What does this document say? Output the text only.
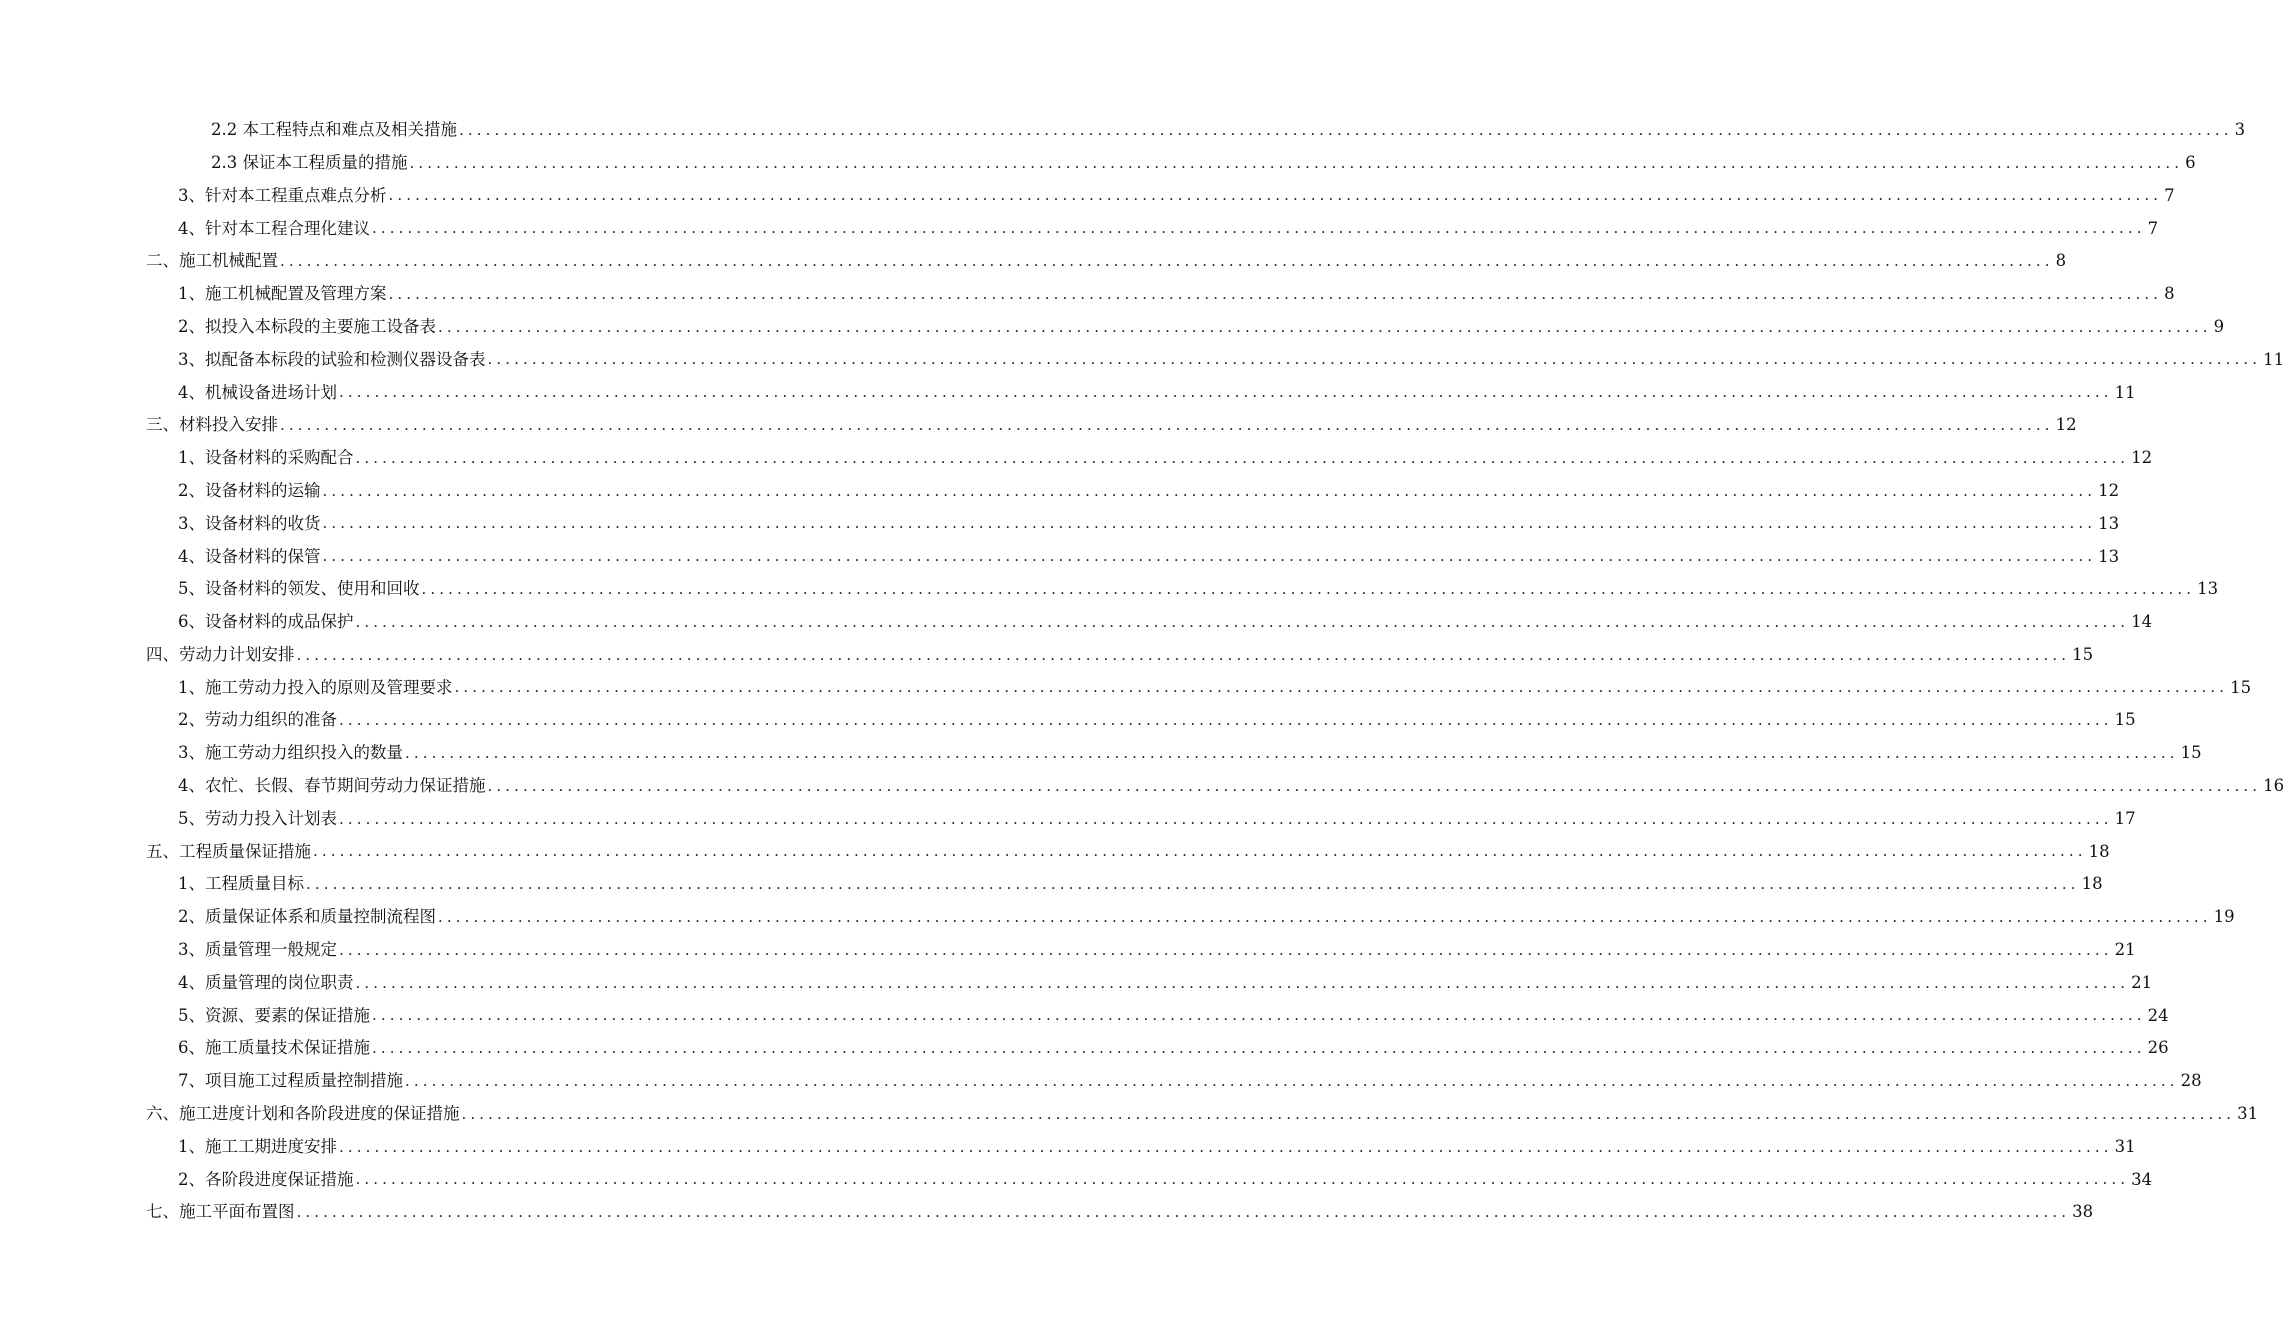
2.2 本工程特点和难点及相关措施 ........................................................................................................................................................................................................ 3
2.3 保证本工程质量的措施 ........................................................................................................................................................................................................ 6
3、针对本工程重点难点分析 ........................................................................................................................................................................................................ 7
4、针对本工程合理化建议 ........................................................................................................................................................................................................ 7
二、施工机械配置 ........................................................................................................................................................................................................ 8
1、施工机械配置及管理方案 ........................................................................................................................................................................................................ 8
2、拟投入本标段的主要施工设备表 ........................................................................................................................................................................................................ 9
3、拟配备本标段的试验和检测仪器设备表 ........................................................................................................................................................................................................ 11
4、机械设备进场计划 ........................................................................................................................................................................................................ 11
三、材料投入安排 ........................................................................................................................................................................................................ 12
1、设备材料的采购配合 ........................................................................................................................................................................................................ 12
2、设备材料的运输 ........................................................................................................................................................................................................ 12
3、设备材料的收货 ........................................................................................................................................................................................................ 13
4、设备材料的保管 ........................................................................................................................................................................................................ 13
5、设备材料的领发、使用和回收 ........................................................................................................................................................................................................ 13
6、设备材料的成品保护 ........................................................................................................................................................................................................ 14
四、劳动力计划安排 ........................................................................................................................................................................................................ 15
1、施工劳动力投入的原则及管理要求 ........................................................................................................................................................................................................ 15
2、劳动力组织的准备 ........................................................................................................................................................................................................ 15
3、施工劳动力组织投入的数量 ........................................................................................................................................................................................................ 15
4、农忙、长假、春节期间劳动力保证措施 ........................................................................................................................................................................................................ 16
5、劳动力投入计划表 ........................................................................................................................................................................................................ 17
五、工程质量保证措施 ........................................................................................................................................................................................................ 18
1、工程质量目标 ........................................................................................................................................................................................................ 18
2、质量保证体系和质量控制流程图 ........................................................................................................................................................................................................ 19
3、质量管理一般规定 ........................................................................................................................................................................................................ 21
4、质量管理的岗位职责 ........................................................................................................................................................................................................ 21
5、资源、要素的保证措施 ........................................................................................................................................................................................................ 24
6、施工质量技术保证措施 ........................................................................................................................................................................................................ 26
7、项目施工过程质量控制措施 ........................................................................................................................................................................................................ 28
六、施工进度计划和各阶段进度的保证措施 ........................................................................................................................................................................................................ 31
1、施工工期进度安排 ........................................................................................................................................................................................................ 31
2、各阶段进度保证措施 ........................................................................................................................................................................................................ 34
七、施工平面布置图 ........................................................................................................................................................................................................ 38
